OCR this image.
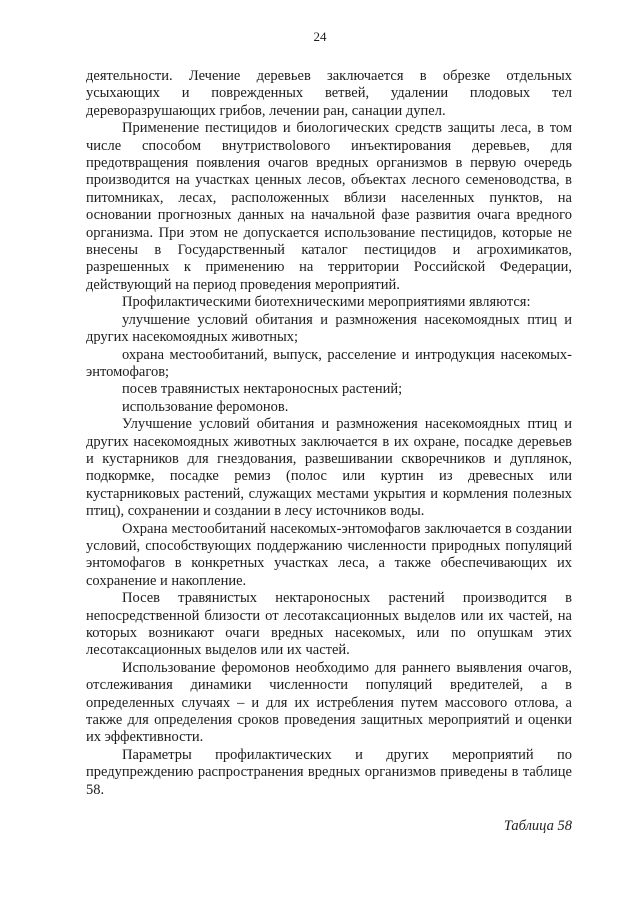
24

деятельности. Лечение деревьев заключается в обрезке отдельных усыхающих и поврежденных ветвей, удалении плодовых тел дереворазрушающих грибов, лечении ран, санации дупел.

Применение пестицидов и биологических средств защиты леса, в том числе способом внутриствolового инъектирования деревьев, для предотвращения появления очагов вредных организмов в первую очередь производится на участках ценных лесов, объектах лесного семеноводства, в питомниках, лесах, расположенных вблизи населенных пунктов, на основании прогнозных данных на начальной фазе развития очага вредного организма. При этом не допускается использование пестицидов, которые не внесены в Государственный каталог пестицидов и агрохимикатов, разрешенных к применению на территории Российской Федерации, действующий на период проведения мероприятий.

Профилактическими биотехническими мероприятиями являются:

улучшение условий обитания и размножения насекомоядных птиц и других насекомоядных животных;

охрана местообитаний, выпуск, расселение и интродукция насекомых-энтомофагов;

посев травянистых нектароносных растений;

использование феромонов.

Улучшение условий обитания и размножения насекомоядных птиц и других насекомоядных животных заключается в их охране, посадке деревьев и кустарников для гнездования, развешивании скворечников и дуплянок, подкормке, посадке ремиз (полос или куртин из древесных или кустарниковых растений, служащих местами укрытия и кормления полезных птиц), сохранении и создании в лесу источников воды.

Охрана местообитаний насекомых-энтомофагов заключается в создании условий, способствующих поддержанию численности природных популяций энтомофагов в конкретных участках леса, а также обеспечивающих их сохранение и накопление.

Посев травянистых нектароносных растений производится в непосредственной близости от лесотаксационных выделов или их частей, на которых возникают очаги вредных насекомых, или по опушкам этих лесотаксационных выделов или их частей.

Использование феромонов необходимо для раннего выявления очагов, отслеживания динамики численности популяций вредителей, а в определенных случаях – и для их истребления путем массового отлова, а также для определения сроков проведения защитных мероприятий и оценки их эффективности.

Параметры профилактических и других мероприятий по предупреждению распространения вредных организмов приведены в таблице 58.

Таблица 58
